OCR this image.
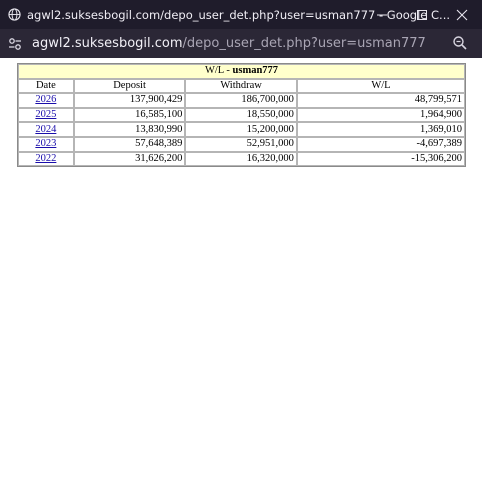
agwl2.suksesbogil.com/depo_user_det.php?user=usman777 - Google C...
agwl2.suksesbogil.com/depo_user_det.php?user=usman777
W/L - usman777			
Date	Deposit	Withdraw	W/L
2026	137,900,429	186,700,000	48,799,571
2025	16,585,100	18,550,000	1,964,900
2024	13,830,990	15,200,000	1,369,010
2023	57,648,389	52,951,000	-4,697,389
2022	31,626,200	16,320,000	-15,306,200
